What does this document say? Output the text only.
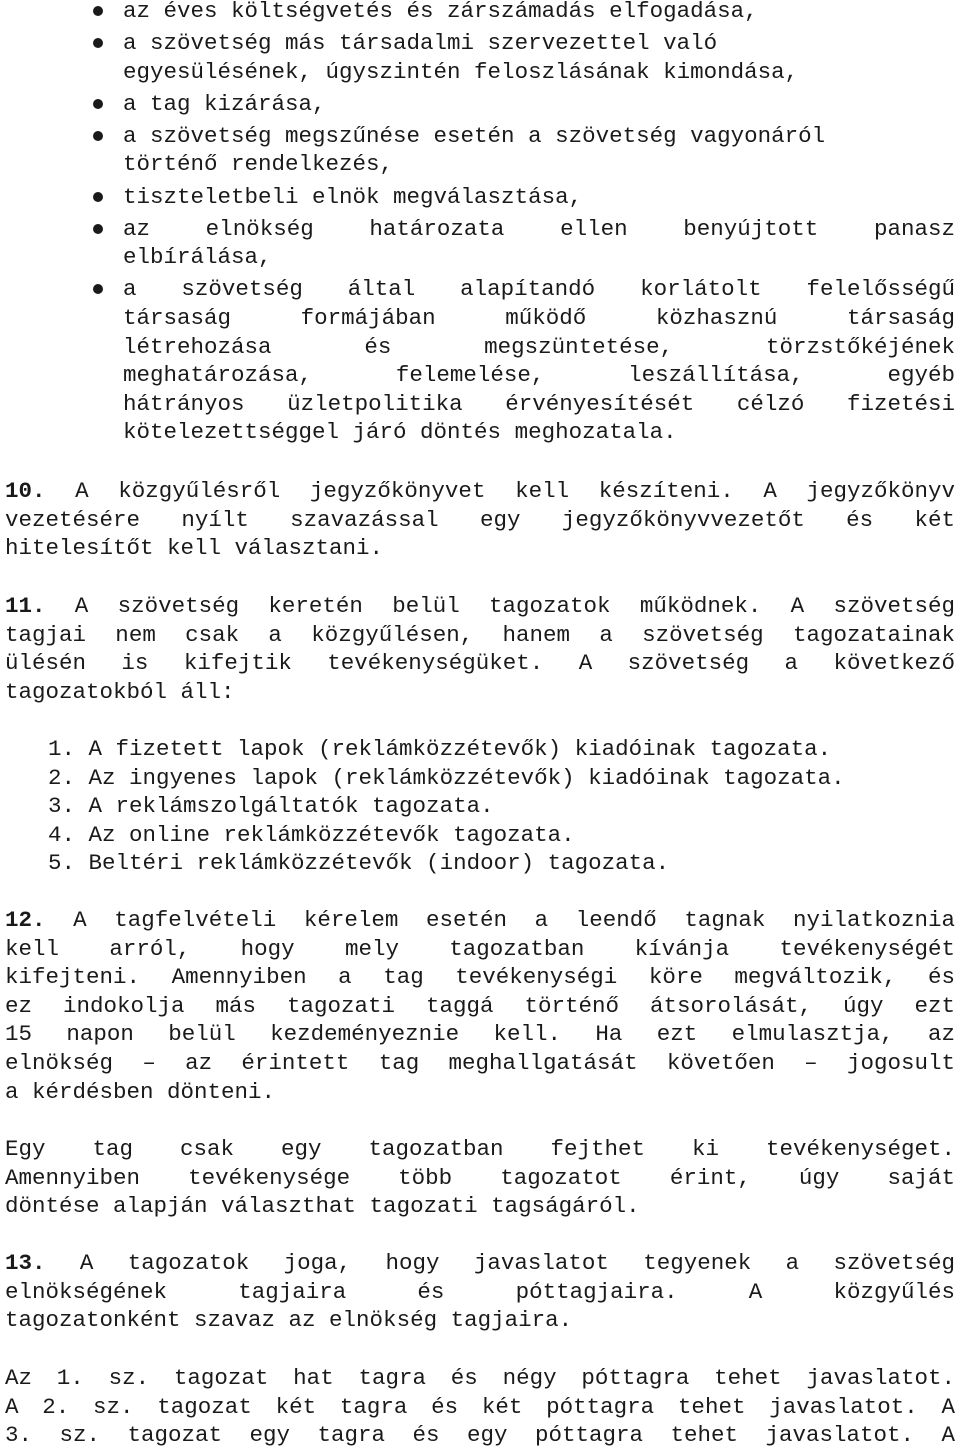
az éves költségvetés és zárszámadás elfogadása,
a szövetség más társadalmi szervezettel való
egyesülésének, úgyszintén feloszlásának kimondása,
a tag kizárása,
a szövetség megszűnése esetén a szövetség vagyonáról
történő rendelkezés,
tiszteletbeli elnök megválasztása,
az elnökség határozata ellen benyújtott panasz
elbírálása,
a szövetség által alapítandó korlátolt felelősségű
társaság formájában működő közhasznú társaság
létrehozása és megszüntetése, törzstőkéjének
meghatározása, felemelése, leszállítása, egyéb
hátrányos üzletpolitika érvényesítését célzó fizetési
kötelezettséggel járó döntés meghozatala.
10. A közgyűlésről jegyzőkönyvet kell készíteni. A jegyzőkönyv
vezetésére nyílt szavazással egy jegyzőkönyvvezetőt és két
hitelesítőt kell választani.
11. A szövetség keretén belül tagozatok működnek. A szövetség
tagjai nem csak a közgyűlésen, hanem a szövetség tagozatainak
ülésén is kifejtik tevékenységüket. A szövetség a következő
tagozatokból áll:
1. A fizetett lapok (reklámközzétevők) kiadóinak tagozata.
2. Az ingyenes lapok (reklámközzétevők) kiadóinak tagozata.
3. A reklámszolgáltatók tagozata.
4. Az online reklámközzétevők tagozata.
5. Beltéri reklámközzétevők (indoor) tagozata.
12. A tagfelvételi kérelem esetén a leendő tagnak nyilatkoznia
kell arról, hogy mely tagozatban kívánja tevékenységét
kifejteni. Amennyiben a tag tevékenységi köre megváltozik, és
ez indokolja más tagozati taggá történő átsorolását, úgy ezt
15 napon belül kezdeményeznie kell. Ha ezt elmulasztja, az
elnökség – az érintett tag meghallgatását követően – jogosult
a kérdésben dönteni.
Egy tag csak egy tagozatban fejthet ki tevékenységet.
Amennyiben tevékenysége több tagozatot érint, úgy saját
döntése alapján választhat tagozati tagságáról.
13. A tagozatok joga, hogy javaslatot tegyenek a szövetség
elnökségének tagjaira és póttagjaira. A közgyűlés
tagozatonként szavaz az elnökség tagjaira.
Az 1. sz. tagozat hat tagra és négy póttagra tehet javaslatot.
A 2. sz. tagozat két tagra és két póttagra tehet javaslatot. A
3. sz. tagozat egy tagra és egy póttagra tehet javaslatot. A
